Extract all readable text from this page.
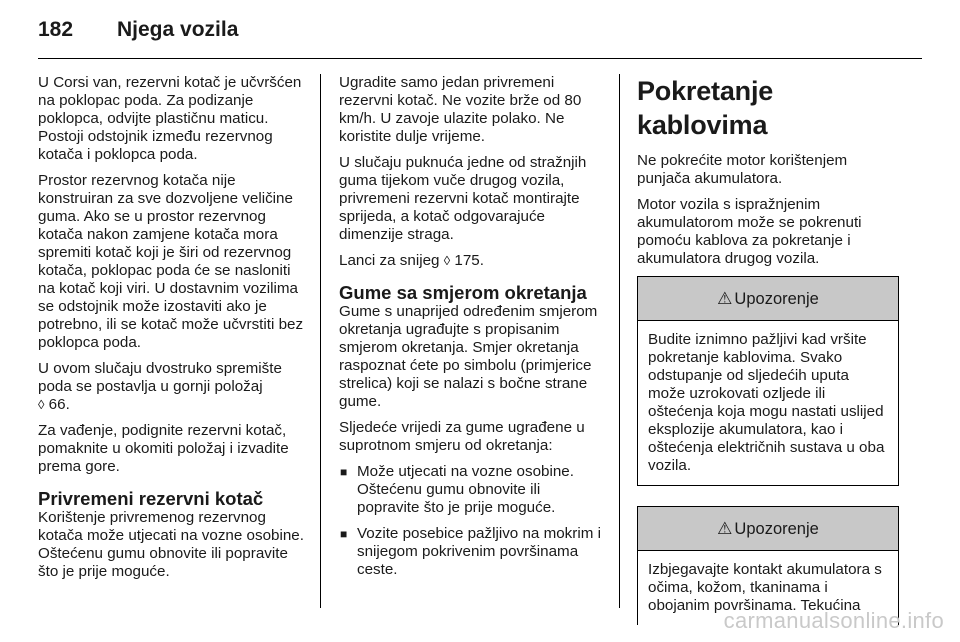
182 Njega vozila

U Corsi van, rezervni kotač je učvršćen na poklopac poda. Za podizanje poklopca, odvijte plastičnu maticu. Postoji odstojnik između rezervnog kotača i poklopca poda.

Prostor rezervnog kotača nije konstruiran za sve dozvoljene veličine guma. Ako se u prostor rezervnog kotača nakon zamjene kotača mora spremiti kotač koji je širi od rezervnog kotača, poklopac poda će se nasloniti na kotač koji viri. U dostavnim vozilima se odstojnik može izostaviti ako je potrebno, ili se kotač može učvrstiti bez poklopca poda.

U ovom slučaju dvostruko spremište poda se postavlja u gornji položaj
◊ 66.

Za vađenje, podignite rezervni kotač, pomaknite u okomiti položaj i izvadite prema gore.

Privremeni rezervni kotač

Korištenje privremenog rezervnog kotača može utjecati na vozne osobine. Oštećenu gumu obnovite ili popravite što je prije moguće.

Ugradite samo jedan privremeni rezervni kotač. Ne vozite brže od 80 km/h. U zavoje ulazite polako. Ne koristite dulje vrijeme.

U slučaju puknuća jedne od stražnjih guma tijekom vuče drugog vozila, privremeni rezervni kotač montirajte sprijeda, a kotač odgovarajuće dimenzije straga.

Lanci za snijeg ◊ 175.

Gume sa smjerom okretanja

Gume s unaprijed određenim smjerom okretanja ugrađujte s propisanim smjerom okretanja. Smjer okretanja raspoznat ćete po simbolu (primjerice strelica) koji se nalazi s bočne strane gume.

Sljedeće vrijedi za gume ugrađene u suprotnom smjeru od okretanja:

■ Može utjecati na vozne osobine. Oštećenu gumu obnovite ili popravite što je prije moguće.
■ Vozite posebice pažljivo na mokrim i snijegom pokrivenim površinama ceste.
Pokretanje kablovima

Ne pokrećite motor korištenjem punjača akumulatora.

Motor vozila s ispražnjenim akumulatorom može se pokrenuti pomoću kablova za pokretanje i akumulatora drugog vozila.

⚠ Upozorenje
Budite iznimno pažljivi kad vršite pokretanje kablovima. Svako odstupanje od sljedećih uputa može uzrokovati ozljede ili oštećenja koja mogu nastati uslijed eksplozije akumulatora, kao i oštećenja električnih sustava u oba vozila.
⚠ Upozorenje
Izbjegavajte kontakt akumulatora s očima, kožom, tkaninama i obojanim površinama. Tekućina
carmanualsonline.info
